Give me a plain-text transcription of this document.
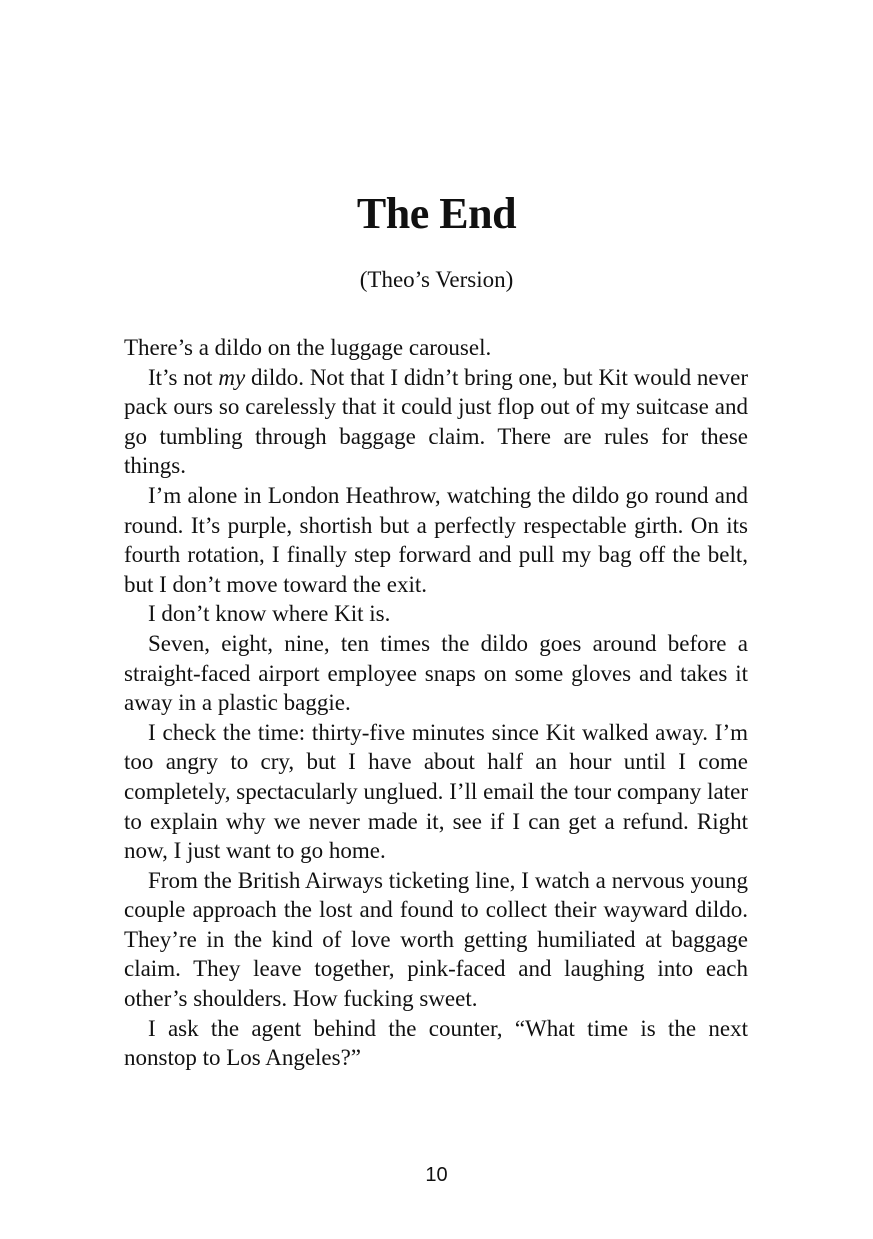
The End
(Theo’s Version)

There’s a dildo on the luggage carousel.

It’s not my dildo. Not that I didn’t bring one, but Kit would never pack ours so carelessly that it could just flop out of my suitcase and go tumbling through baggage claim. There are rules for these things.

I’m alone in London Heathrow, watching the dildo go round and round. It’s purple, shortish but a perfectly respectable girth. On its fourth rotation, I finally step forward and pull my bag off the belt, but I don’t move toward the exit.

I don’t know where Kit is.

Seven, eight, nine, ten times the dildo goes around before a straight-faced airport employee snaps on some gloves and takes it away in a plastic baggie.

I check the time: thirty-five minutes since Kit walked away. I’m too angry to cry, but I have about half an hour until I come completely, spectacularly unglued. I’ll email the tour company later to explain why we never made it, see if I can get a refund. Right now, I just want to go home.

From the British Airways ticketing line, I watch a nervous young couple approach the lost and found to collect their wayward dildo. They’re in the kind of love worth getting humiliated at baggage claim. They leave together, pink-faced and laughing into each other’s shoulders. How fucking sweet.

I ask the agent behind the counter, “What time is the next nonstop to Los Angeles?”

10
